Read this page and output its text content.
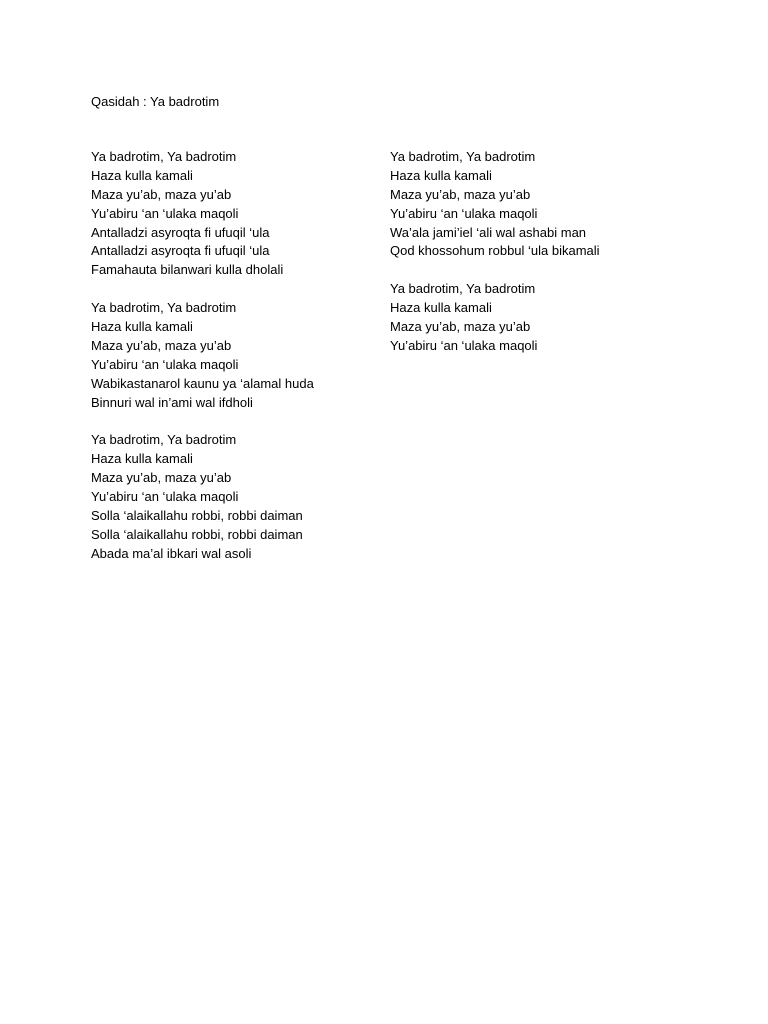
Qasidah : Ya badrotim
Ya badrotim, Ya badrotim
Haza kulla kamali
Maza yu’ab, maza yu’ab
Yu’abiru ‘an ‘ulaka maqoli
Antalladzi asyroqta fi ufuqil ‘ula
Antalladzi asyroqta fi ufuqil ‘ula
Famahauta bilanwari kulla dholali
Ya badrotim, Ya badrotim
Haza kulla kamali
Maza yu’ab, maza yu’ab
Yu’abiru ‘an ‘ulaka maqoli
Wabikastanarol kaunu ya ‘alamal huda
Binnuri wal in’ami wal ifdholi
Ya badrotim, Ya badrotim
Haza kulla kamali
Maza yu’ab, maza yu’ab
Yu’abiru ‘an ‘ulaka maqoli
Solla ‘alaikallahu robbi, robbi daiman
Solla ‘alaikallahu robbi, robbi daiman
Abada ma’al ibkari wal asoli
Ya badrotim, Ya badrotim
Haza kulla kamali
Maza yu’ab, maza yu’ab
Yu’abiru ‘an ‘ulaka maqoli
Wa’ala jami’iel ‘ali wal ashabi man
Qod khossohum robbul ‘ula bikamali
Ya badrotim, Ya badrotim
Haza kulla kamali
Maza yu’ab, maza yu’ab
Yu’abiru ‘an ‘ulaka maqoli
